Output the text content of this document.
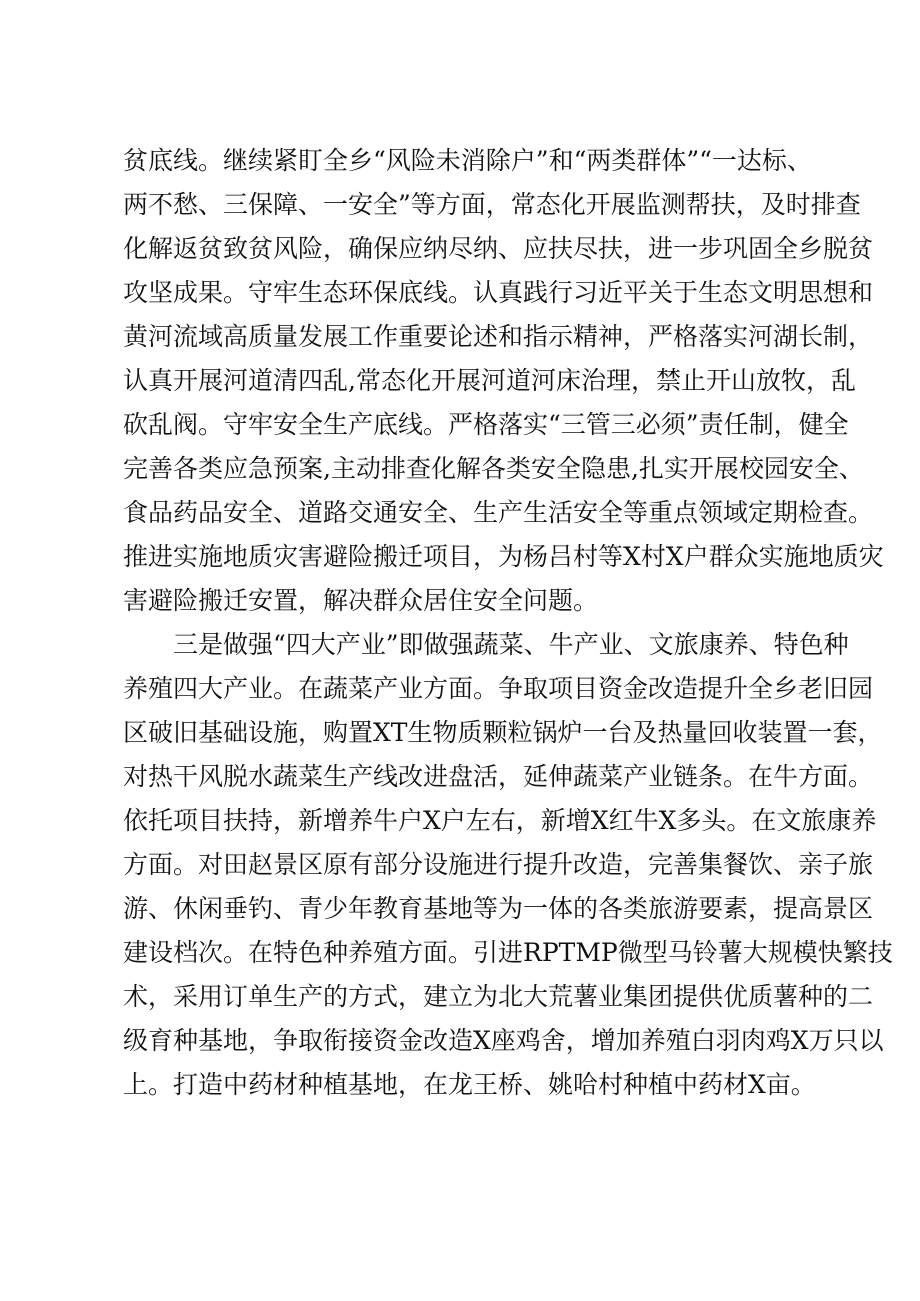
贫底线。继续紧盯全乡“风险未消除户”和“两类群体”“一达标、
两不愁、三保障、一安全”等方面，常态化开展监测帮扶，及时排查
化解返贫致贫风险，确保应纳尽纳、应扶尽扶，进一步巩固全乡脱贫
攻坚成果。守牢生态环保底线。认真践行习近平关于生态文明思想和
黄河流域高质量发展工作重要论述和指示精神，严格落实河湖长制，
认真开展河道清四乱,常态化开展河道河床治理，禁止开山放牧，乱
砍乱阀。守牢安全生产底线。严格落实“三管三必须”责任制，健全
完善各类应急预案,主动排查化解各类安全隐患,扎实开展校园安全、
食品药品安全、道路交通安全、生产生活安全等重点领域定期检查。
推进实施地质灾害避险搬迁项目，为杨吕村等X村X户群众实施地质灾
害避险搬迁安置，解决群众居住安全问题。
三是做强“四大产业”即做强蔬菜、牛产业、文旅康养、特色种
养殖四大产业。在蔬菜产业方面。争取项目资金改造提升全乡老旧园
区破旧基础设施，购置XT生物质颗粒锅炉一台及热量回收装置一套，
对热干风脱水蔬菜生产线改进盘活，延伸蔬菜产业链条。在牛方面。
依托项目扶持，新增养牛户X户左右，新增X红牛X多头。在文旅康养
方面。对田赵景区原有部分设施进行提升改造，完善集餐饮、亲子旅
游、休闲垂钓、青少年教育基地等为一体的各类旅游要素，提高景区
建设档次。在特色种养殖方面。引进RPTMP微型马铃薯大规模快繁技
术，采用订单生产的方式，建立为北大荒薯业集团提供优质薯种的二
级育种基地，争取衔接资金改造X座鸡舍，增加养殖白羽肉鸡X万只以
上。打造中药材种植基地，在龙王桥、姚哈村种植中药材X亩。
